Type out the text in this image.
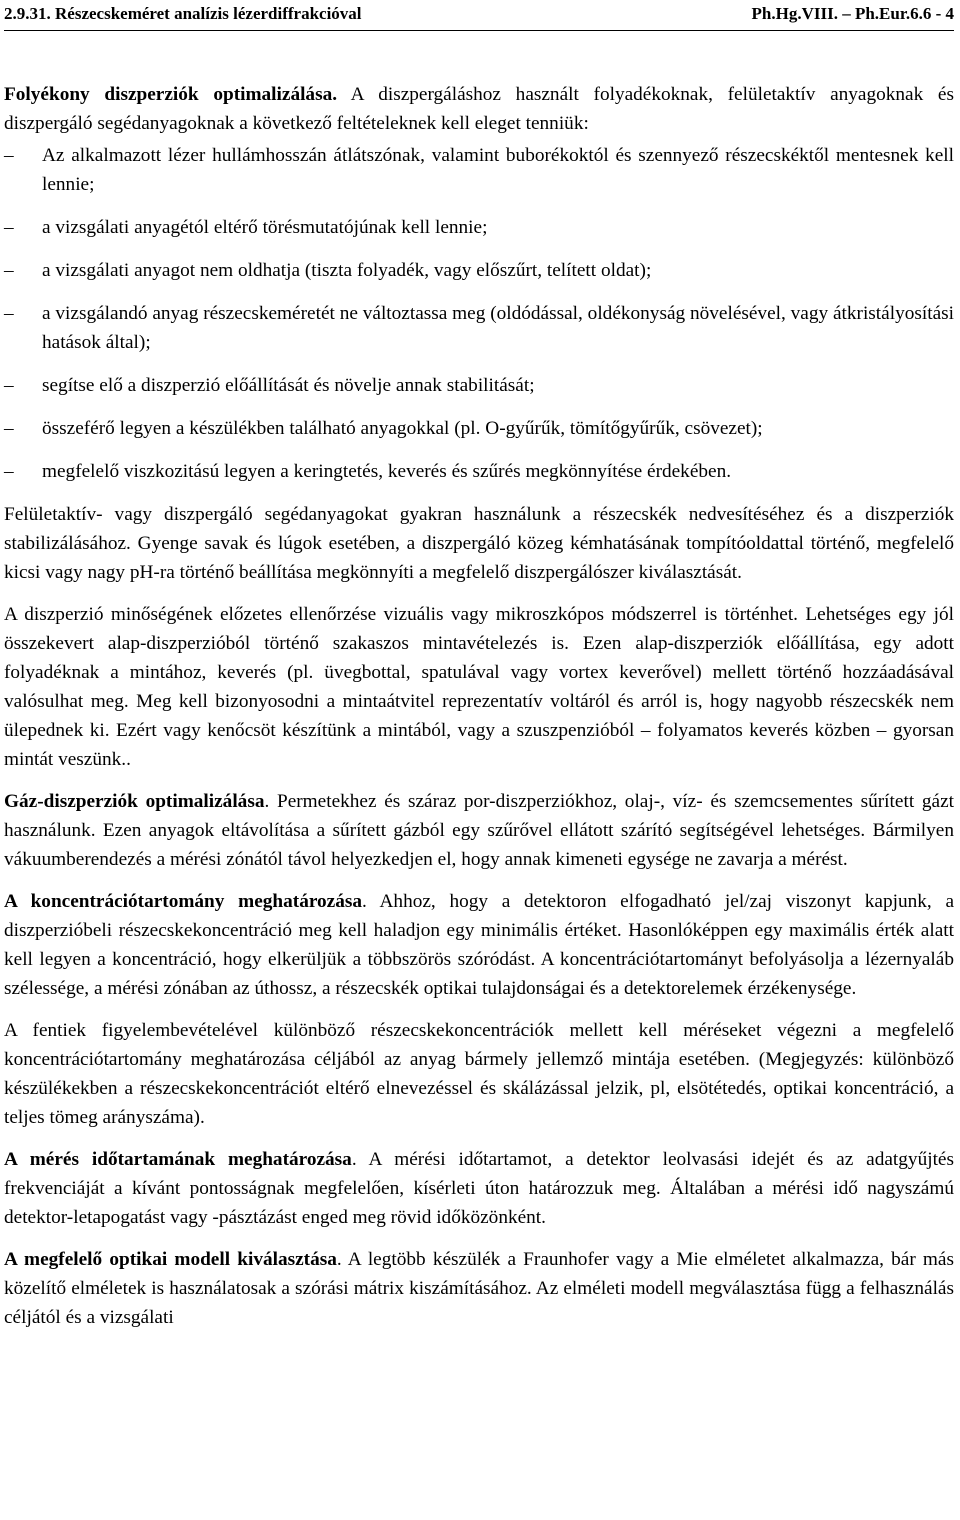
2.9.31. Részecskeméret analízis lézerdiffrakcióval	Ph.Hg.VIII. – Ph.Eur.6.6 - 4

Folyékony diszperziók optimalizálása. A diszpergáláshoz használt folyadékoknak, felületaktív anyagoknak és diszpergáló segédanyagoknak a következő feltételeknek kell eleget tenniük:

–	Az alkalmazott lézer hullámhosszán átlátszónak, valamint buborékoktól és szennyező részecskéktől mentesnek kell lennie;
–	a vizsgálati anyagétól eltérő törésmutatójúnak kell lennie;
–	a vizsgálati anyagot nem oldhatja (tiszta folyadék, vagy előszűrt, telített oldat);
–	a vizsgálandó anyag részecskeméretét ne változtassa meg (oldódással, oldékonyság növelésével, vagy átkristályosítási hatások által);
–	segítse elő a diszperzió előállítását és növelje annak stabilitását;
–	összeférő legyen a készülékben található anyagokkal (pl. O-gyűrűk, tömítőgyűrűk, csövezet);
–	megfelelő viszkozitású legyen a keringtetés, keverés és szűrés megkönnyítése érdekében.

Felületaktív- vagy diszpergáló segédanyagokat gyakran használunk a részecskék nedvesítéséhez és a diszperziók stabilizálásához. Gyenge savak és lúgok esetében, a diszpergáló közeg kémhatásának tompítóoldattal történő, megfelelő kicsi vagy nagy pH-ra történő beállítása megkönnyíti a megfelelő diszpergálószer kiválasztását.

A diszperzió minőségének előzetes ellenőrzése vizuális vagy mikroszkópos módszerrel is történhet. Lehetséges egy jól összekevert alap-diszperzióból történő szakaszos mintavételezés is. Ezen alap-diszperziók előállítása, egy adott folyadéknak a mintához, keverés (pl. üvegbottal, spatulával vagy vortex keverővel) mellett történő hozzáadásával valósulhat meg. Meg kell bizonyosodni a mintaátvitel reprezentatív voltáról és arról is, hogy nagyobb részecskék nem ülepednek ki. Ezért vagy kenőcsöt készítünk a mintából, vagy a szuszpenzióból – folyamatos keverés közben – gyorsan mintát veszünk..

Gáz-diszperziók optimalizálása. Permetekhez és száraz por-diszperziókhoz, olaj-, víz- és szemcsementes sűrített gázt használunk. Ezen anyagok eltávolítása a sűrített gázból egy szűrővel ellátott szárító segítségével lehetséges. Bármilyen vákuumberendezés a mérési zónától távol helyezkedjen el, hogy annak kimeneti egysége ne zavarja a mérést.

A koncentrációtartomány meghatározása. Ahhoz, hogy a detektoron elfogadható jel/zaj viszonyt kapjunk, a diszperzióbeli részecskekoncentráció meg kell haladjon egy minimális értéket. Hasonlóképpen egy maximális érték alatt kell legyen a koncentráció, hogy elkerüljük a többszörös szóródást. A koncentrációtartományt befolyásolja a lézernyaláb szélessége, a mérési zónában az úthossz, a részecskék optikai tulajdonságai és a detektorelemek érzékenysége.

A fentiek figyelembevételével különböző részecskekoncentrációk mellett kell méréseket végezni a megfelelő koncentrációtartomány meghatározása céljából az anyag bármely jellemző mintája esetében. (Megjegyzés: különböző készülékekben a részecskekoncentrációt eltérő elnevezéssel és skálázással jelzik, pl, elsötétedés, optikai koncentráció, a teljes tömeg arányszáma).

A mérés időtartamának meghatározása. A mérési időtartamot, a detektor leolvasási idejét és az adatgyűjtés frekvenciáját a kívánt pontosságnak megfelelően, kísérleti úton határozzuk meg. Általában a mérési idő nagyszámú detektor-letapogatást vagy -pásztázást enged meg rövid időközönként.

A megfelelő optikai modell kiválasztása. A legtöbb készülék a Fraunhofer vagy a Mie elméletet alkalmazza, bár más közelítő elméletek is használatosak a szórási mátrix kiszámításához. Az elméleti modell megválasztása függ a felhasználás céljától és a vizsgálati
